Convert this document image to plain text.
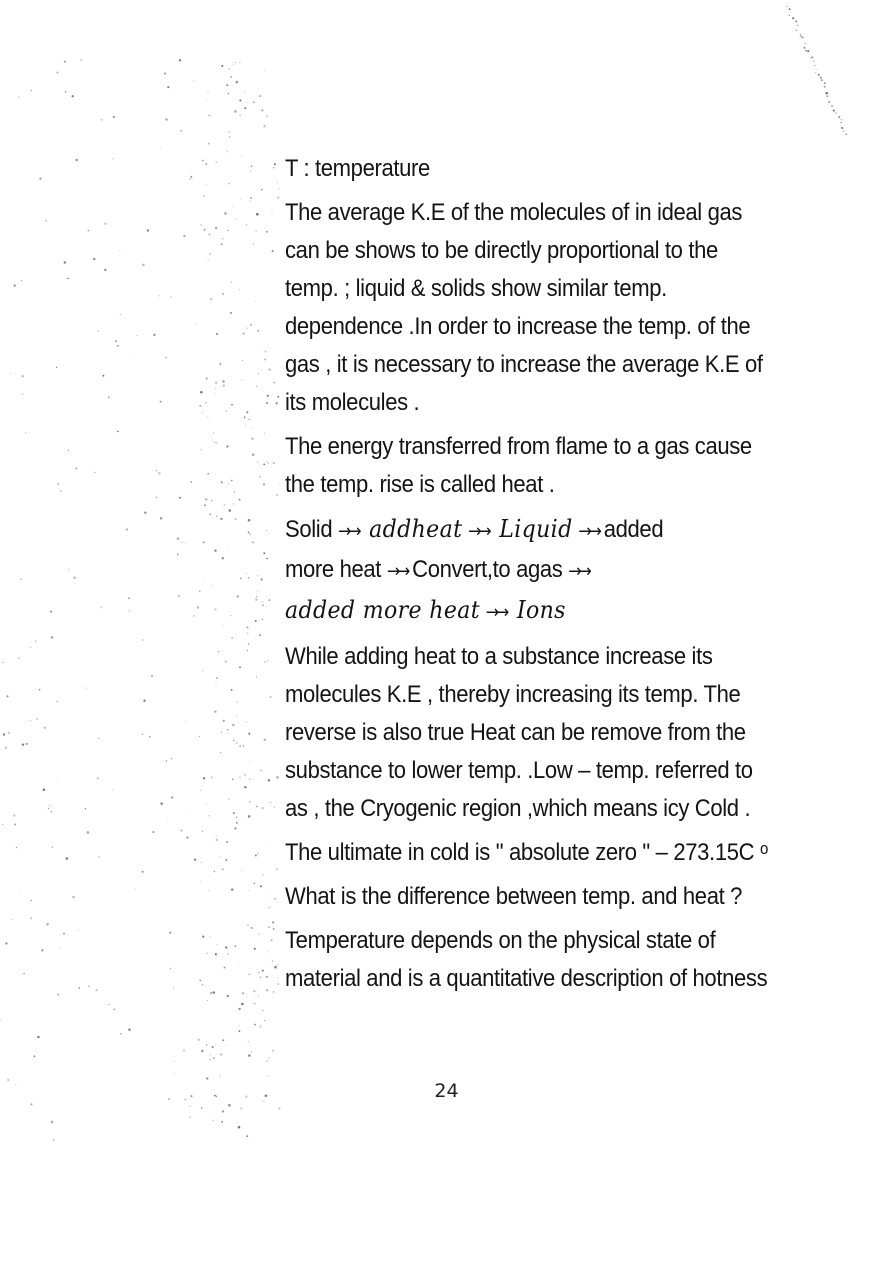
T : temperature
The average K.E of the molecules of in ideal gas
can be shows to be directly proportional to the
temp. ; liquid & solids show similar temp.
dependence .In order to increase the temp. of the
gas , it is necessary to increase the average K.E of
its molecules .
The energy transferred from flame to a gas cause
the temp. rise is called heat .
Solid →→ addheat →→ Liquid →→ added
more heat →→ Convert,to agas →→
added more heat →→ Ions
While adding heat to a substance increase its
molecules K.E , thereby increasing its temp. The
reverse is also true Heat can be remove from the
substance to lower temp. .Low – temp. referred to
as , the Cryogenic region ,which means icy Cold .
The ultimate in cold is " absolute zero " – 273.15C ᵒ
What is the difference between temp. and heat ?
Temperature depends on the physical state of
material and is a quantitative description of hotness
24
